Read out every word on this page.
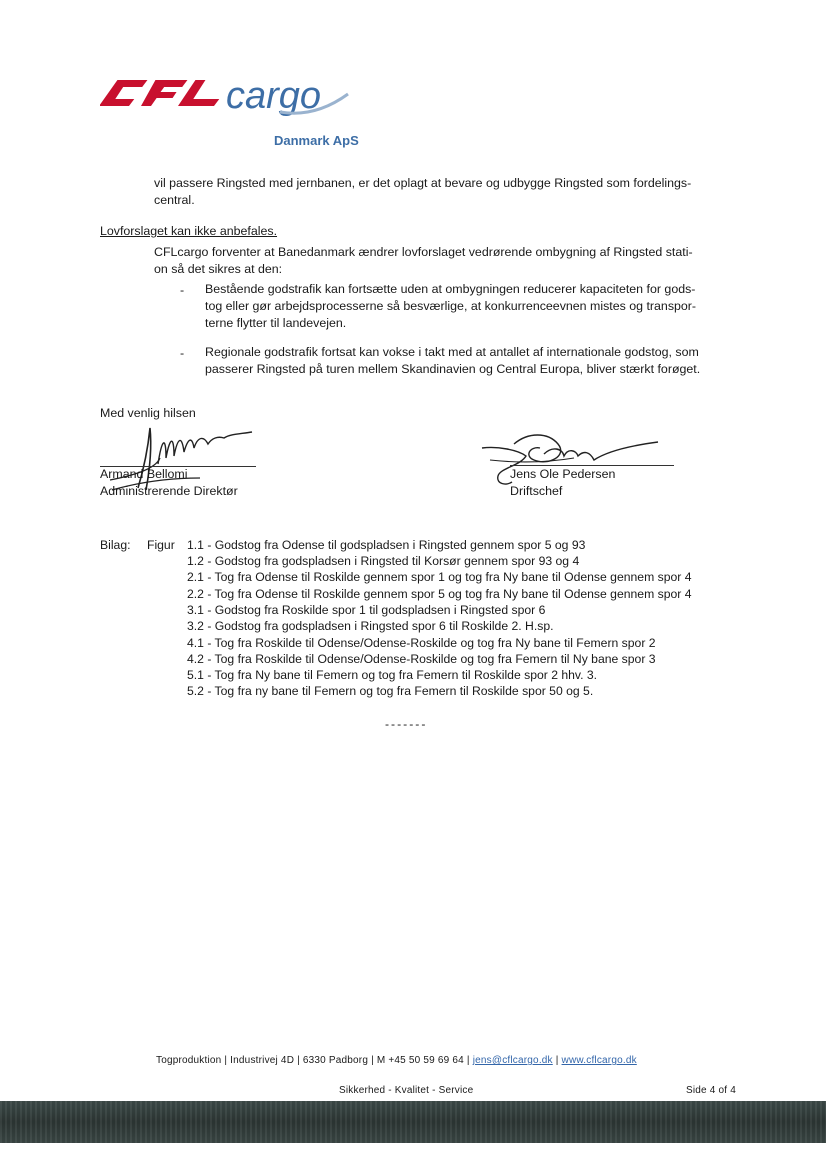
cargo
Danmark ApS
vil passere Ringsted med jernbanen, er det oplagt at bevare og udbygge Ringsted som fordelings-
central.
Lovforslaget kan ikke anbefales.
CFLcargo forventer at Banedanmark ændrer lovforslaget vedrørende ombygning af Ringsted stati-
on så det sikres at den:
- Bestående godstrafik kan fortsætte uden at ombygningen reducerer kapaciteten for gods-
tog eller gør arbejdsprocesserne så besværlige, at konkurrenceevnen mistes og transpor-
terne flytter til landevejen.
- Regionale godstrafik fortsat kan vokse i takt med at antallet af internationale godstog, som
passerer Ringsted på turen mellem Skandinavien og Central Europa, bliver stærkt forøget.
Med venlig hilsen
Armand Bellomi
Administrerende Direktør
Jens Ole Pedersen
Driftschef
Bilag: Figur 1.1 - Godstog fra Odense til godspladsen i Ringsted gennem spor 5 og 93
1.2 - Godstog fra godspladsen i Ringsted til Korsør gennem spor 93 og 4
2.1 - Tog fra Odense til Roskilde gennem spor 1 og tog fra Ny bane til Odense gennem spor 4
2.2 - Tog fra Odense til Roskilde gennem spor 5 og tog fra Ny bane til Odense gennem spor 4
3.1 - Godstog fra Roskilde spor 1 til godspladsen i Ringsted spor 6
3.2 - Godstog fra godspladsen i Ringsted spor 6 til Roskilde 2. H.sp.
4.1 - Tog fra Roskilde til Odense/Odense-Roskilde og tog fra Ny bane til Femern spor 2
4.2 - Tog fra Roskilde til Odense/Odense-Roskilde og tog fra Femern til Ny bane spor 3
5.1 - Tog fra Ny bane til Femern og tog fra Femern til Roskilde spor 2 hhv. 3.
5.2 - Tog fra ny bane til Femern og tog fra Femern til Roskilde spor 50 og 5.
-------
Togproduktion | Industrivej 4D | 6330 Padborg | M +45 50 59 69 64 | jens@cflcargo.dk | www.cflcargo.dk
Sikkerhed - Kvalitet - Service	Side 4 of 4
